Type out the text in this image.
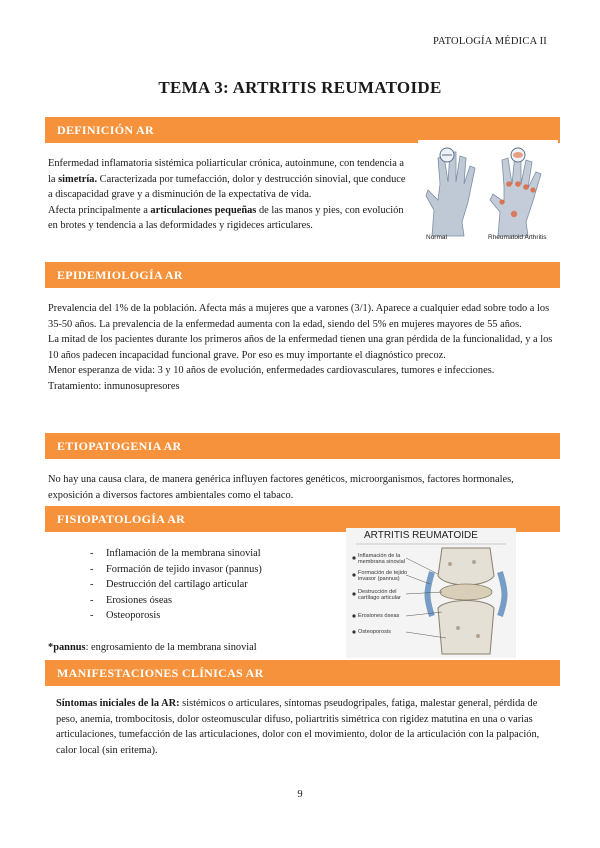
PATOLOGÍA MÉDICA II
TEMA 3: ARTRITIS REUMATOIDE
DEFINICIÓN AR

Enfermedad inflamatoria sistémica poliarticular crónica, autoinmune, con tendencia a la simetría. Caracterizada por tumefacción, dolor y destrucción sinovial, que conduce a discapacidad grave y a disminución de la expectativa de vida.

Afecta principalmente a articulaciones pequeñas de las manos y pies, con evolución en brotes y tendencia a las deformidades y rigideces articulares.

Normal	Rheumatoid Arthritis
EPIDEMIOLOGÍA AR

Prevalencia del 1% de la población. Afecta más a mujeres que a varones (3/1). Aparece a cualquier edad sobre todo a los 35-50 años. La prevalencia de la enfermedad aumenta con la edad, siendo del 5% en mujeres mayores de 55 años.

La mitad de los pacientes durante los primeros años de la enfermedad tienen una gran pérdida de la funcionalidad, y a los 10 años padecen incapacidad funcional grave. Por eso es muy importante el diagnóstico precoz.

Menor esperanza de vida: 3 y 10 años de evolución, enfermedades cardiovasculares, tumores e infecciones.

Tratamiento: inmunosupresores

ETIOPATOGENIA AR

No hay una causa clara, de manera genérica influyen factores genéticos, microorganismos, factores hormonales, exposición a diversos factores ambientales como el tabaco.

FISIOPATOLOGÍA AR
- Inflamación de la membrana sinovial
- Formación de tejido invasor (pannus)
- Destrucción del cartílago articular
- Erosiones óseas
- Osteoporosis

*pannus: engrosamiento de la membrana sinovial

ARTRITIS REUMATOIDE
Inflamación de la membrana sinovial
Formación de tejido invasor (pannus)
Destrucción del cartílago articular
Erosiones óseas
Osteoporosis
MANIFESTACIONES CLÍNICAS AR

Síntomas iniciales de la AR: sistémicos o articulares, síntomas pseudogripales, fatiga, malestar general, pérdida de peso, anemia, trombocitosis, dolor osteomuscular difuso, poliartritis simétrica con rigidez matutina en una o varias articulaciones, tumefacción de las articulaciones, dolor con el movimiento, dolor de la articulación con la palpación, calor local (sin eritema).

9
